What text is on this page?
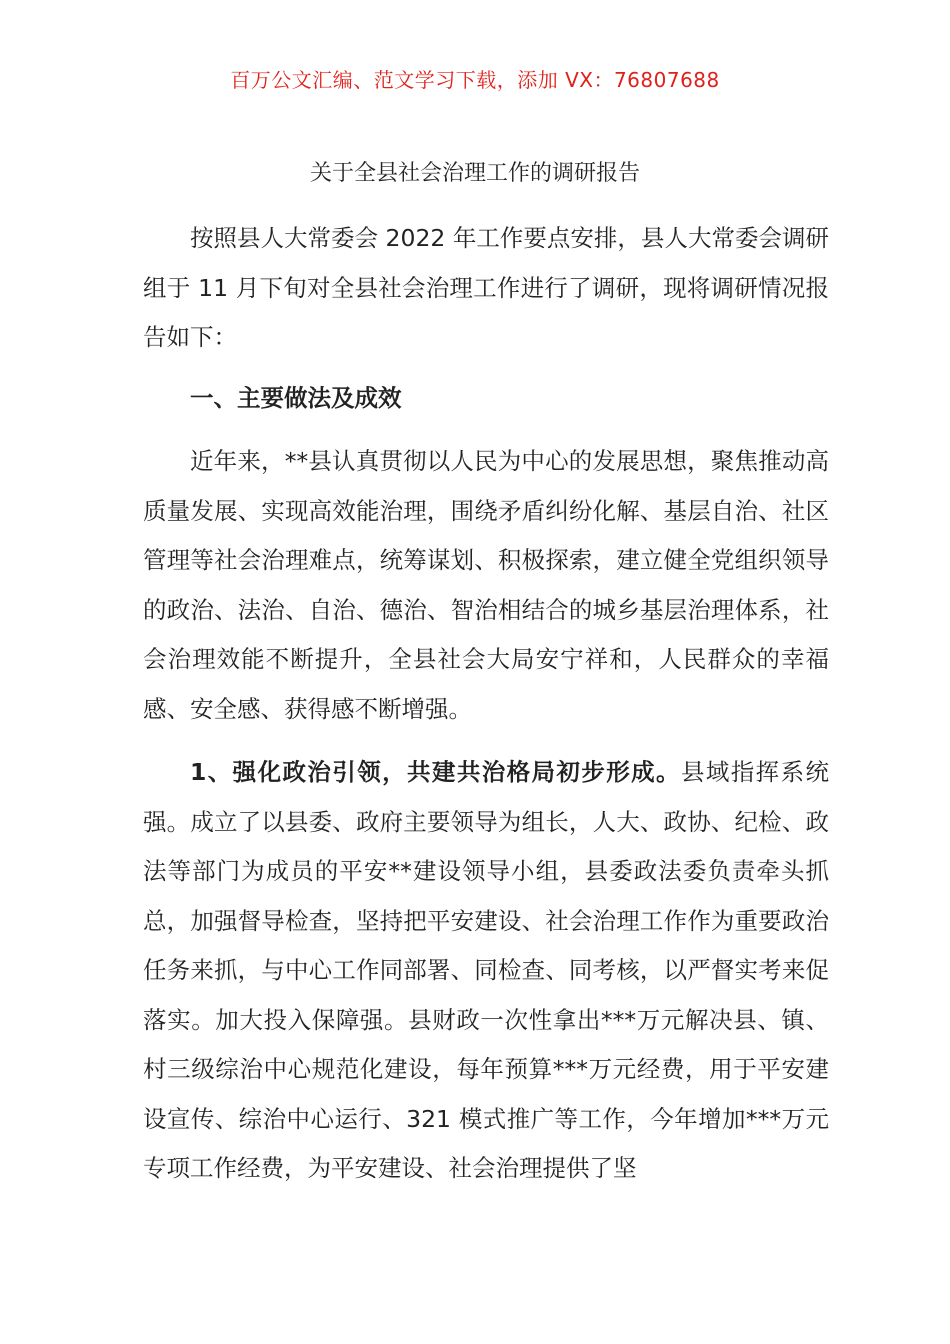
百万公文汇编、范文学习下载，添加 VX：76807688
关于全县社会治理工作的调研报告

按照县人大常委会 2022 年工作要点安排，县人大常委会调研组于 11 月下旬对全县社会治理工作进行了调研，现将调研情况报告如下：

一、主要做法及成效

近年来，**县认真贯彻以人民为中心的发展思想，聚焦推动高质量发展、实现高效能治理，围绕矛盾纠纷化解、基层自治、社区管理等社会治理难点，统筹谋划、积极探索，建立健全党组织领导的政治、法治、自治、德治、智治相结合的城乡基层治理体系，社会治理效能不断提升，全县社会大局安宁祥和，人民群众的幸福感、安全感、获得感不断增强。

1、强化政治引领，共建共治格局初步形成。县域指挥系统强。成立了以县委、政府主要领导为组长，人大、政协、纪检、政法等部门为成员的平安**建设领导小组，县委政法委负责牵头抓总，加强督导检查，坚持把平安建设、社会治理工作作为重要政治任务来抓，与中心工作同部署、同检查、同考核，以严督实考来促落实。加大投入保障强。县财政一次性拿出***万元解决县、镇、村三级综治中心规范化建设，每年预算***万元经费，用于平安建设宣传、综治中心运行、321 模式推广等工作，今年增加***万元专项工作经费，为平安建设、社会治理提供了坚
